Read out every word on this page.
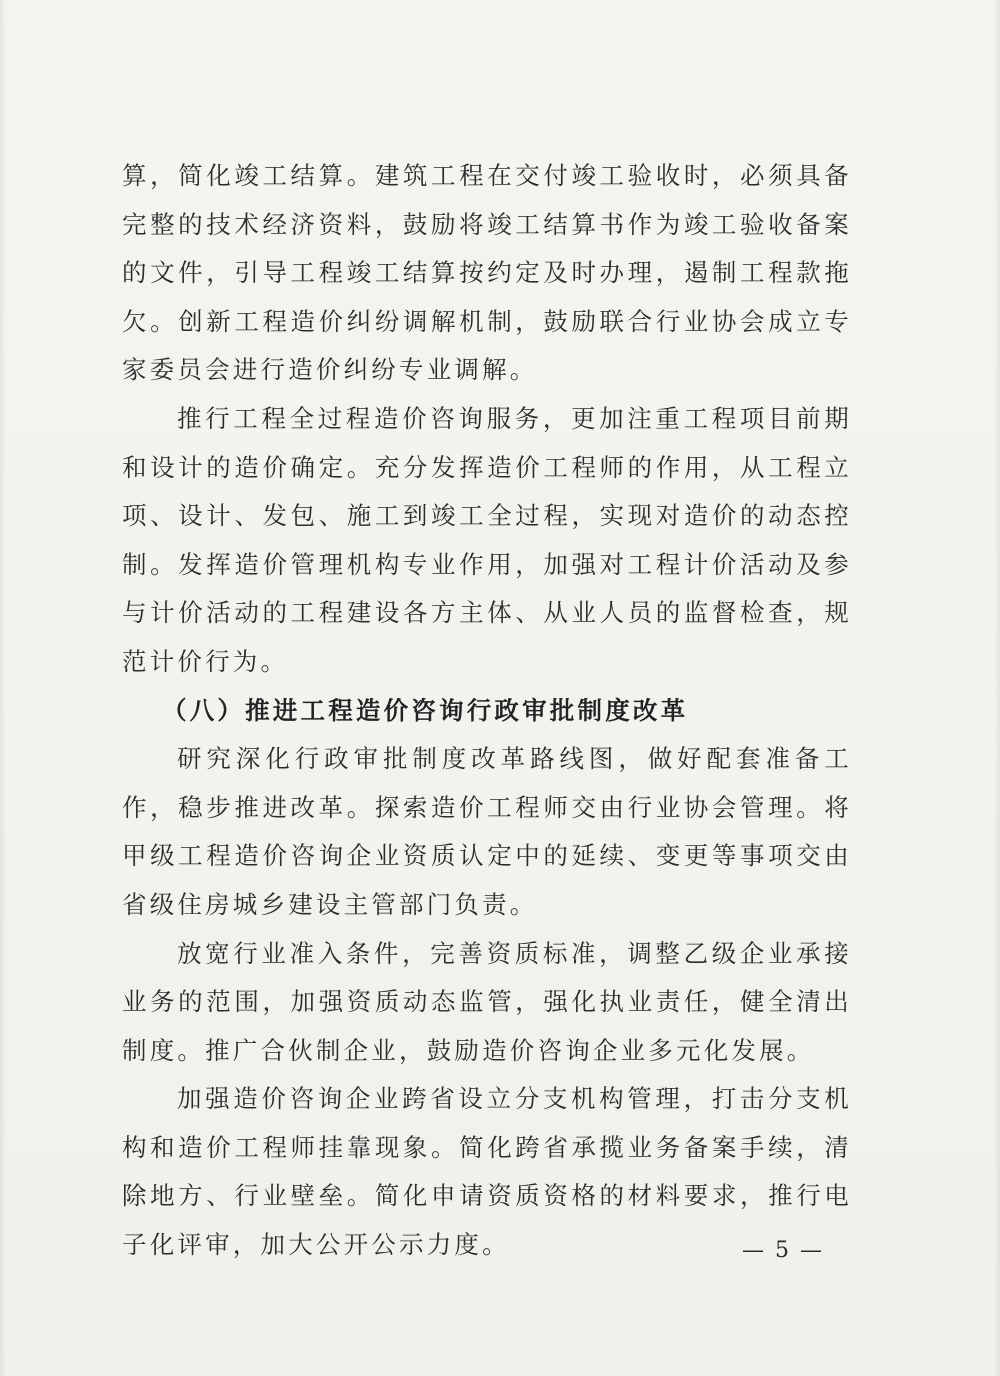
算，简化竣工结算。建筑工程在交付竣工验收时，必须具备完整的技术经济资料，鼓励将竣工结算书作为竣工验收备案的文件，引导工程竣工结算按约定及时办理，遏制工程款拖欠。创新工程造价纠纷调解机制，鼓励联合行业协会成立专家委员会进行造价纠纷专业调解。

推行工程全过程造价咨询服务，更加注重工程项目前期和设计的造价确定。充分发挥造价工程师的作用，从工程立项、设计、发包、施工到竣工全过程，实现对造价的动态控制。发挥造价管理机构专业作用，加强对工程计价活动及参与计价活动的工程建设各方主体、从业人员的监督检查，规范计价行为。

（八）推进工程造价咨询行政审批制度改革

研究深化行政审批制度改革路线图，做好配套准备工作，稳步推进改革。探索造价工程师交由行业协会管理。将甲级工程造价咨询企业资质认定中的延续、变更等事项交由省级住房城乡建设主管部门负责。

放宽行业准入条件，完善资质标准，调整乙级企业承接业务的范围，加强资质动态监管，强化执业责任，健全清出制度。推广合伙制企业，鼓励造价咨询企业多元化发展。

加强造价咨询企业跨省设立分支机构管理，打击分支机构和造价工程师挂靠现象。简化跨省承揽业务备案手续，清除地方、行业壁垒。简化申请资质资格的材料要求，推行电子化评审，加大公开公示力度。	— 5 —
